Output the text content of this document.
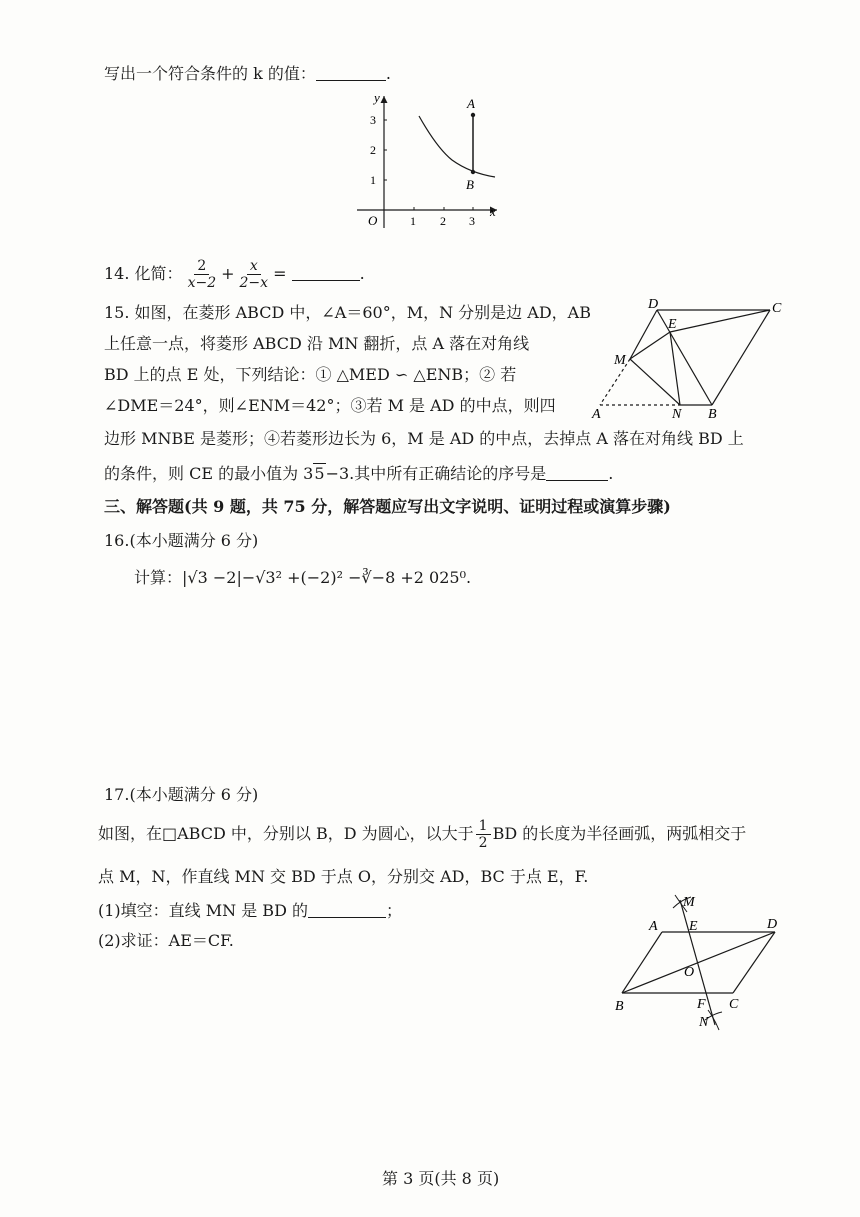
写出一个符合条件的 k 的值：	.
y
x
O	1 2 3
1
2
3
A
B
14. 化简： $\frac{2}{x-2} + \frac{x}{2-x}$ =	.
15. 如图，在菱形 ABCD 中，∠A＝60°，M，N 分别是边 AD，AB
上任意一点，将菱形 ABCD 沿 MN 翻折，点 A 落在对角线
BD 上的点 E 处，下列结论：① △MED ∽ △ENB；② 若
∠DME＝24°，则∠ENM＝42°；③若 M 是 AD 的中点，则四
边形 MNBE 是菱形；④若菱形边长为 6，M 是 AD 的中点，去掉点 A 落在对角线 BD 上
的条件，则 CE 的最小值为 35−3.其中所有正确结论的序号是	.
D	C
E
M
A	N B
三、解答题(共 9 题，共 75 分，解答题应写出文字说明、证明过程或演算步骤)
16.(本小题满分 6 分)
计算：|√3 −2|−√3² +(−2)² −∛−8 +2 025⁰.
17.(本小题满分 6 分)
如图，在□ABCD 中，分别以 B，D 为圆心，以大于 $\frac{1}{2}$ BD 的长度为半径画弧，两弧相交于
点 M，N，作直线 MN 交 BD 于点 O，分别交 AD，BC 于点 E，F.
(1)填空：直线 MN 是 BD 的	；
(2)求证：AE＝CF.
A E	D
M
O
B	F C
N
第 3 页(共 8 页)
